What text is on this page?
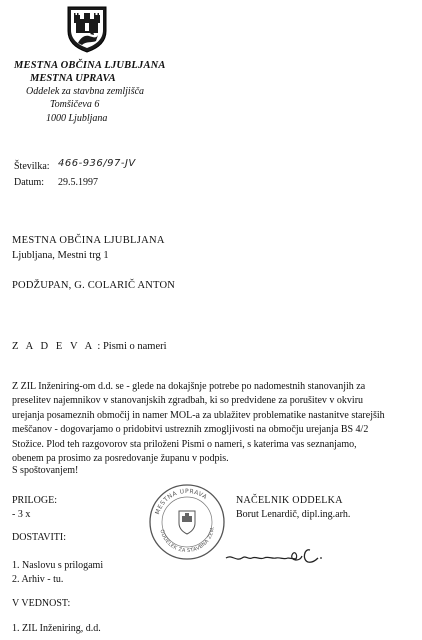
MESTNA OBČINA LJUBLJANA
MESTNA UPRAVA
Oddelek za stavbna zemljišča
Tomšičeva 6
1000 Ljubljana
Številka: 466-936/97-JV
Datum: 29.5.1997
MESTNA OBČINA LJUBLJANA
Ljubljana, Mestni trg 1
PODŽUPAN, G. COLARIČ ANTON
Z A D E V A : Pismi o nameri
Z ZIL Inženiring-om d.d. se - glede na dokajšnje potrebe po nadomestnih stanovanjih za
preselitev najemnikov v stanovanjskih zgradbah, ki so predvidene za porušitev v okviru
urejanja posameznih območij in namer MOL-a za ublažitev problematike nastanitve starejših
meščanov - dogovarjamo o pridobitvi ustreznih zmogljivosti na območju urejanja BS 4/2
Stožice. Plod teh razgovorov sta priloženi Pismi o nameri, s katerima vas seznanjamo,
obenem pa prosimo za posredovanje županu v podpis.
S spoštovanjem!
PRILOGE:
- 3 x
NAČELNIK ODDELKA
Borut Lenardič, dipl.ing.arh.
MESTNA UPRAVA
ODDELEK ZA STAVBNA ZEM.
DOSTAVITI:
1. Naslovu s prilogami
2. Arhiv - tu.
V VEDNOST:
1. ZIL Inženiring, d.d.
